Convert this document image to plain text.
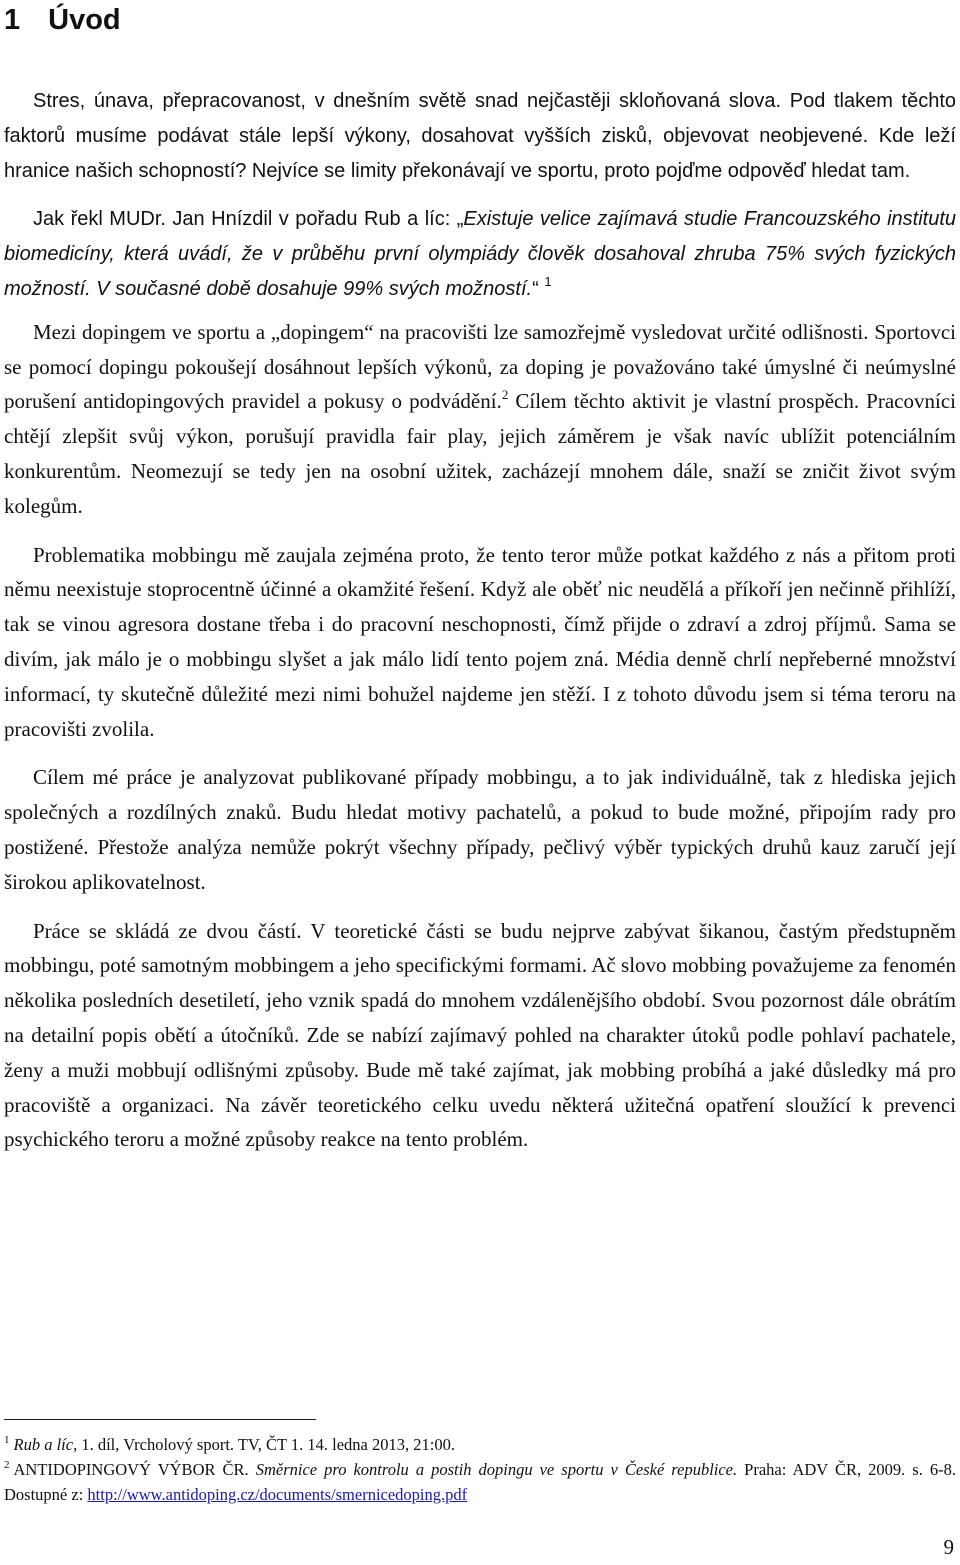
1 Úvod

Stres, únava, přepracovanost, v dnešním světě snad nejčastěji skloňovaná slova. Pod tlakem těchto faktorů musíme podávat stále lepší výkony, dosahovat vyšších zisků, objevovat neobjevené. Kde leží hranice našich schopností? Nejvíce se limity překonávají ve sportu, proto pojďme odpověď hledat tam.

Jak řekl MUDr. Jan Hnízdil v pořadu Rub a líc: „Existuje velice zajímavá studie Francouzského institutu biomedicíny, která uvádí, že v průběhu první olympiády člověk dosahoval zhruba 75% svých fyzických možností. V současné době dosahuje 99% svých možností.“ $^1$

Mezi dopingem ve sportu a „dopingem“ na pracovišti lze samozřejmě vysledovat určité odlišnosti. Sportovci se pomocí dopingu pokoušejí dosáhnout lepších výkonů, za doping je považováno také úmyslné či neúmyslné porušení antidopingových pravidel a pokusy o podvádění.$^2$ Cílem těchto aktivit je vlastní prospěch. Pracovníci chtějí zlepšit svůj výkon, porušují pravidla fair play, jejich záměrem je však navíc ublížit potenciálním konkurentům. Neomezují se tedy jen na osobní užitek, zacházejí mnohem dále, snaží se zničit život svým kolegům.

Problematika mobbingu mě zaujala zejména proto, že tento teror může potkat každého z nás a přitom proti němu neexistuje stoprocentně účinné a okamžité řešení. Když ale oběť nic neudělá a příkoří jen nečinně přihlíží, tak se vinou agresora dostane třeba i do pracovní neschopnosti, čímž přijde o zdraví a zdroj příjmů. Sama se divím, jak málo je o mobbingu slyšet a jak málo lidí tento pojem zná. Média denně chrlí nepřeberné množství informací, ty skutečně důležité mezi nimi bohužel najdeme jen stěží. I z tohoto důvodu jsem si téma teroru na pracovišti zvolila.

Cílem mé práce je analyzovat publikované případy mobbingu, a to jak individuálně, tak z hlediska jejich společných a rozdílných znaků. Budu hledat motivy pachatelů, a pokud to bude možné, připojím rady pro postižené. Přestože analýza nemůže pokrýt všechny případy, pečlivý výběr typických druhů kauz zaručí její širokou aplikovatelnost.

Práce se skládá ze dvou částí. V teoretické části se budu nejprve zabývat šikanou, častým předstupněm mobbingu, poté samotným mobbingem a jeho specifickými formami. Ač slovo mobbing považujeme za fenomén několika posledních desetiletí, jeho vznik spadá do mnohem vzdálenějšího období. Svou pozornost dále obrátím na detailní popis obětí a útočníků. Zde se nabízí zajímavý pohled na charakter útoků podle pohlaví pachatele, ženy a muži mobbují odlišnými způsoby. Bude mě také zajímat, jak mobbing probíhá a jaké důsledky má pro pracoviště a organizaci. Na závěr teoretického celku uvedu některá užitečná opatření sloužící k prevenci psychického teroru a možné způsoby reakce na tento problém.

$^1$ Rub a líc, 1. díl, Vrcholový sport. TV, ČT 1. 14. ledna 2013, 21:00.

$^2$ ANTIDOPINGOVÝ VÝBOR ČR. Směrnice pro kontrolu a postih dopingu ve sportu v České republice. Praha: ADV ČR, 2009. s. 6-8. Dostupné z: http://www.antidoping.cz/documents/smernicedoping.pdf

9
